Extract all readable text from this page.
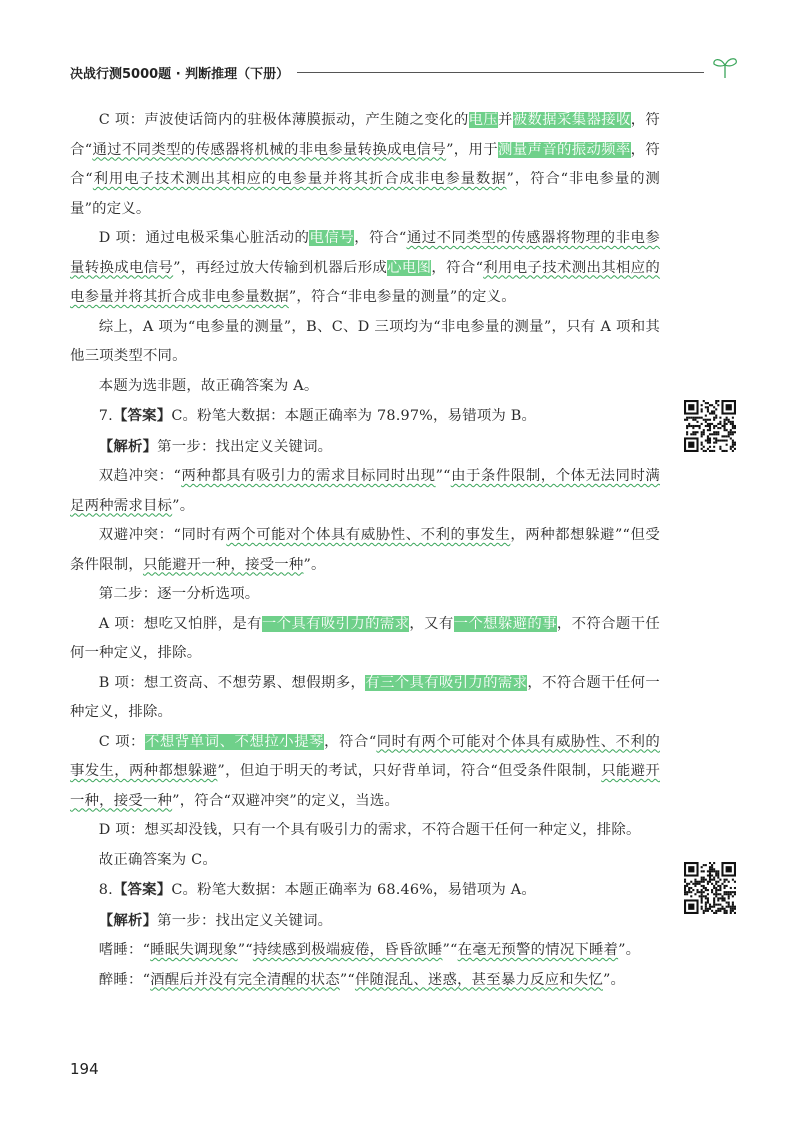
决战行测5000题 · 判断推理（下册）

C 项：声波使话筒内的驻极体薄膜振动，产生随之变化的电压并被数据采集器接收，符合“通过不同类型的传感器将机械的非电参量转换成电信号”，用于测量声音的振动频率，符合“利用电子技术测出其相应的电参量并将其折合成非电参量数据”，符合“非电参量的测量”的定义。

D 项：通过电极采集心脏活动的电信号，符合“通过不同类型的传感器将物理的非电参量转换成电信号”，再经过放大传输到机器后形成心电图，符合“利用电子技术测出其相应的电参量并将其折合成非电参量数据”，符合“非电参量的测量”的定义。

综上，A 项为“电参量的测量”，B、C、D 三项均为“非电参量的测量”，只有 A 项和其他三项类型不同。

本题为选非题，故正确答案为 A。

7.【答案】C。粉笔大数据：本题正确率为 78.97%，易错项为 B。

【解析】第一步：找出定义关键词。

双趋冲突：“两种都具有吸引力的需求目标同时出现”“由于条件限制，个体无法同时满足两种需求目标”。

双避冲突：“同时有两个可能对个体具有威胁性、不利的事发生，两种都想躲避”“但受条件限制，只能避开一种，接受一种”。

第二步：逐一分析选项。

A 项：想吃又怕胖，是有一个具有吸引力的需求，又有一个想躲避的事，不符合题干任何一种定义，排除。

B 项：想工资高、不想劳累、想假期多，有三个具有吸引力的需求，不符合题干任何一种定义，排除。

C 项：不想背单词、不想拉小提琴，符合“同时有两个可能对个体具有威胁性、不利的事发生，两种都想躲避”，但迫于明天的考试，只好背单词，符合“但受条件限制，只能避开一种，接受一种”，符合“双避冲突”的定义，当选。

D 项：想买却没钱，只有一个具有吸引力的需求，不符合题干任何一种定义，排除。

故正确答案为 C。

8.【答案】C。粉笔大数据：本题正确率为 68.46%，易错项为 A。

【解析】第一步：找出定义关键词。

嗜睡：“睡眠失调现象”“持续感到极端疲倦，昏昏欲睡”“在毫无预警的情况下睡着”。

醉睡：“酒醒后并没有完全清醒的状态”“伴随混乱、迷惑，甚至暴力反应和失忆”。

194
